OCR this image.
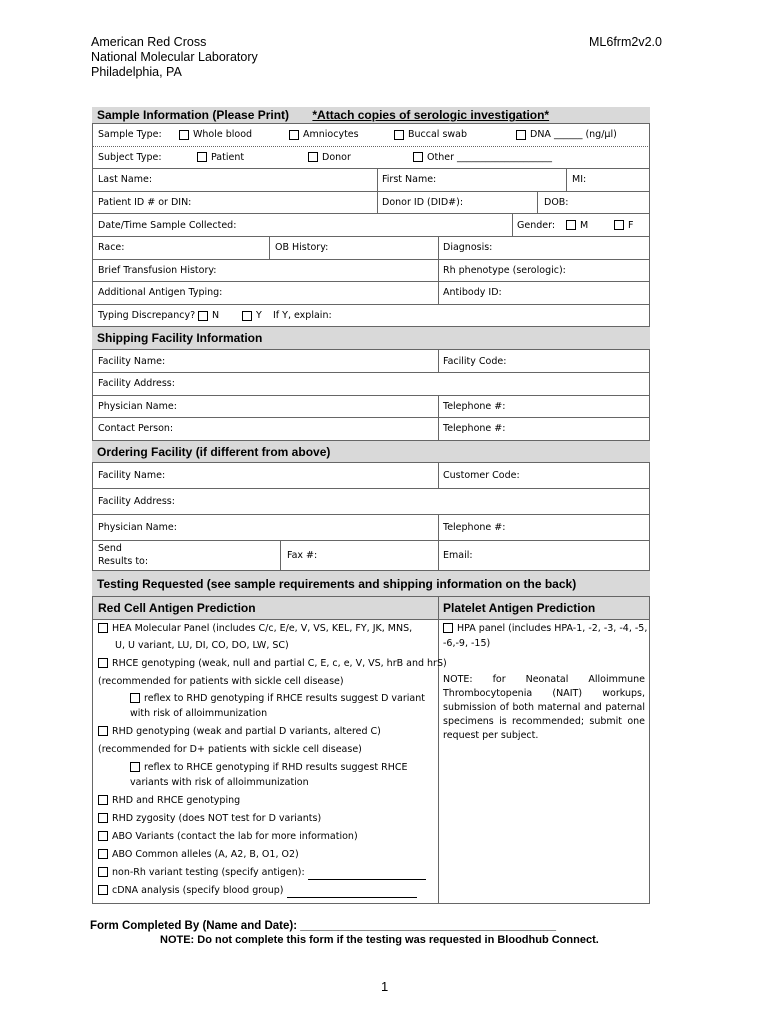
American Red Cross
National Molecular Laboratory
Philadelphia, PA
ML6frm2v2.0
Sample Information (Please Print) *Attach copies of serologic investigation*
Sample Type:	Whole blood	Amniocytes	Buccal swab	DNA ______ (ng/µl)
Subject Type:	Patient	Donor	Other ____________________
Last Name:	First Name:	MI:
Patient ID # or DIN:	Donor ID (DID#):	DOB:
Date/Time Sample Collected:	Gender:	M	F
Race:	OB History:	Diagnosis:
Brief Transfusion History:	Rh phenotype (serologic):
Additional Antigen Typing:	Antibody ID:
Typing Discrepancy? N	Y If Y, explain:
Shipping Facility Information
Facility Name:	Facility Code:
Facility Address:
Physician Name:	Telephone #:
Contact Person:	Telephone #:
Ordering Facility (if different from above)
Facility Name:	Customer Code:
Facility Address:
Physician Name:	Telephone #:
Send
Results to:
Fax #:	Email:
Testing Requested (see sample requirements and shipping information on the back)
Red Cell Antigen Prediction	Platelet Antigen Prediction
HEA Molecular Panel (includes C/c, E/e, V, VS, KEL, FY, JK, MNS,
U, U variant, LU, DI, CO, DO, LW, SC)
RHCE genotyping (weak, null and partial C, E, c, e, V, VS, hrB and hrS)
(recommended for patients with sickle cell disease)
reflex to RHD genotyping if RHCE results suggest D variant
with risk of alloimmunization
RHD genotyping (weak and partial D variants, altered C)
(recommended for D+ patients with sickle cell disease)
reflex to RHCE genotyping if RHD results suggest RHCE
variants with risk of alloimmunization
RHD and RHCE genotyping
RHD zygosity (does NOT test for D variants)
ABO Variants (contact the lab for more information)
ABO Common alleles (A, A2, B, O1, O2)
non-Rh variant testing (specify antigen):
cDNA analysis (specify blood group)
HPA panel (includes HPA-1, -2, -3, -4, -5,
-6,-9, -15)
NOTE: for Neonatal Alloimmune Thrombocytopenia (NAIT) workups, submission of both maternal and paternal specimens is recommended; submit one request per subject.
Form Completed By (Name and Date): ________________________________________
NOTE: Do not complete this form if the testing was requested in Bloodhub Connect.
1
